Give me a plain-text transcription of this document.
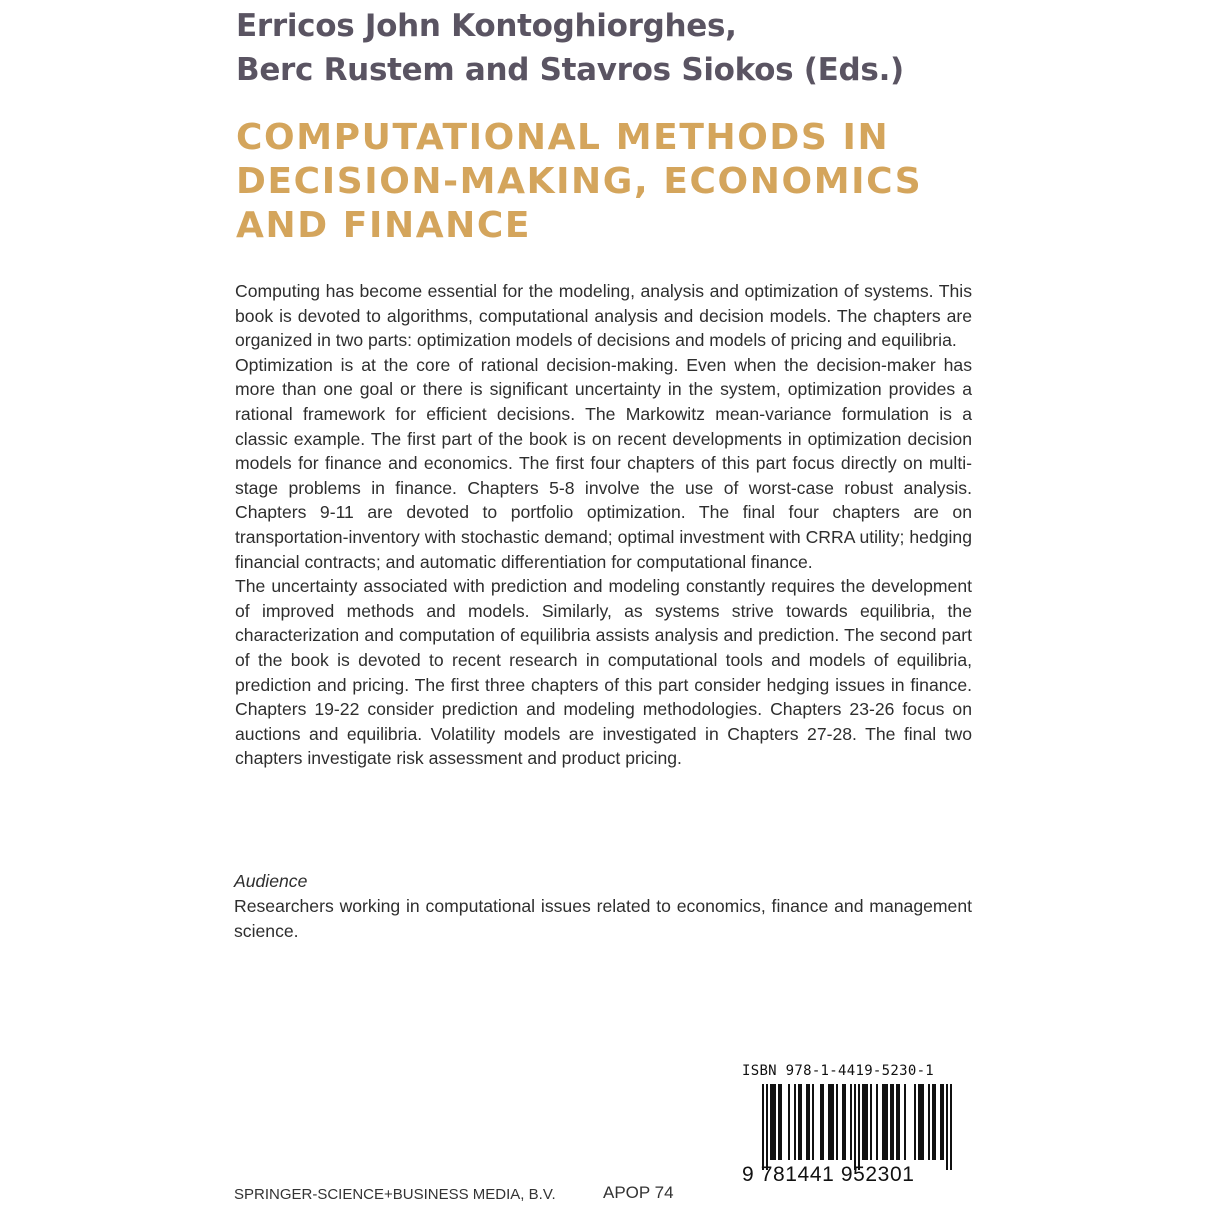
Erricos John Kontoghiorghes,
Berc Rustem and Stavros Siokos (Eds.)
COMPUTATIONAL METHODS IN
DECISION-MAKING, ECONOMICS
AND FINANCE

Computing has become essential for the modeling, analysis and optimization of systems. This book is devoted to algorithms, computational analysis and decision models. The chapters are organized in two parts: optimization models of decisions and models of pricing and equilibria.

Optimization is at the core of rational decision-making. Even when the decision-maker has more than one goal or there is significant uncertainty in the system, optimization provides a rational framework for efficient decisions. The Markowitz mean-variance formulation is a classic example. The first part of the book is on recent developments in optimization decision models for finance and economics. The first four chapters of this part focus directly on multi-stage problems in finance. Chapters 5-8 involve the use of worst-case robust analysis. Chapters 9-11 are devoted to portfolio optimization. The final four chapters are on transportation-inventory with stochastic demand; optimal investment with CRRA utility; hedging financial contracts; and automatic differentiation for computational finance.

The uncertainty associated with prediction and modeling constantly requires the development of improved methods and models. Similarly, as systems strive towards equilibria, the characterization and computation of equilibria assists analysis and prediction. The second part of the book is devoted to recent research in computational tools and models of equilibria, prediction and pricing. The first three chapters of this part consider hedging issues in finance. Chapters 19-22 consider prediction and modeling methodologies. Chapters 23-26 focus on auctions and equilibria. Volatility models are investigated in Chapters 27-28. The final two chapters investigate risk assessment and product pricing.

Audience
Researchers working in computational issues related to economics, finance and management science.
ISBN 978-1-4419-5230-1
9 781441 952301
SPRINGER-SCIENCE+BUSINESS MEDIA, B.V.	APOP 74
